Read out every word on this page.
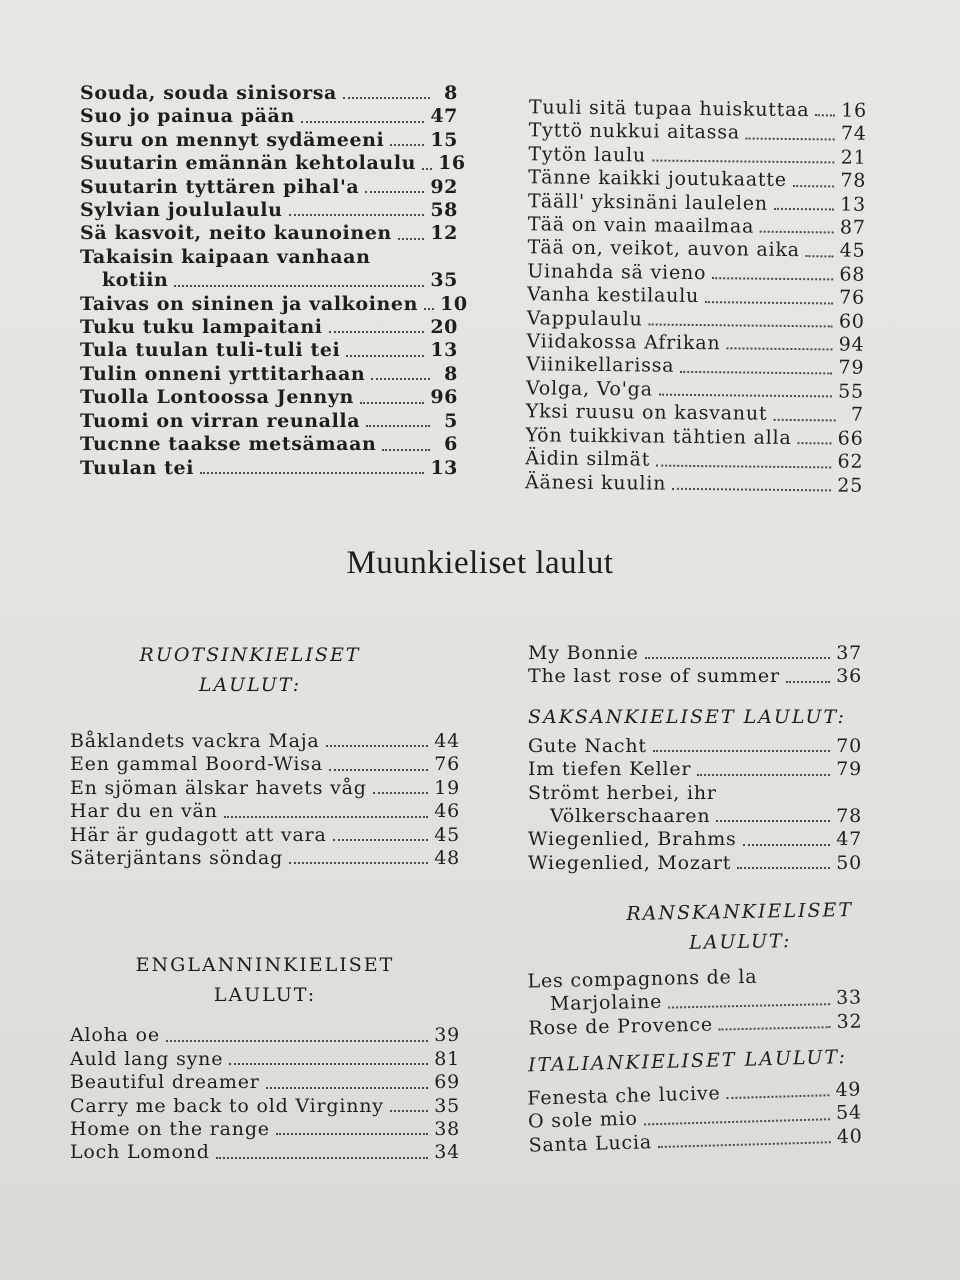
Souda, souda sinisorsa	8
Suo jo painua pään	47
Suru on mennyt sydämeeni 15
Suutarin emännän kehtolaulu 16
Suutarin tyttären pihal'a	92
Sylvian joululaulu	58
Sä kasvoit, neito kaunoinen 12
Takaisin kaipaan vanhaan
kotiin	35
Taivas on sininen ja valkoinen 10
Tuku tuku lampaitani	20
Tula tuulan tuli-tuli tei	13
Tulin onneni yrttitarhaan	8
Tuolla Lontoossa Jennyn	96
Tuomi on virran reunalla	5
Tucnne taakse metsämaan	6
Tuulan tei	13
Tuuli sitä tupaa huiskuttaa 16
Tyttö nukkui aitassa	74
Tytön laulu	21
Tänne kaikki joutukaatte	78
Tääll' yksinäni laulelen	13
Tää on vain maailmaa	87
Tää on, veikot, auvon aika 45
Uinahda sä vieno	68
Vanha kestilaulu	76
Vappulaulu	60
Viidakossa Afrikan	94
Viinikellarissa	79
Volga, Vo'ga	55
Yksi ruusu on kasvanut	7
Yön tuikkivan tähtien alla 66
Äidin silmät	62
Äänesi kuulin	25
Muunkieliset laulut
RUOTSINKIELISET
LAULUT:
Båklandets vackra Maja	44
Een gammal Boord-Wisa	76
En sjöman älskar havets våg	19
Har du en vän	46
Här är gudagott att vara	45
Säterjäntans söndag	48
ENGLANNINKIELISET
LAULUT:
Aloha oe	39
Auld lang syne	81
Beautiful dreamer	69
Carry me back to old Virginny	35
Home on the range	38
Loch Lomond	34
My Bonnie	37
The last rose of summer	36
SAKSANKIELISET LAULUT:
Gute Nacht	70
Im tiefen Keller	79
Strömt herbei, ihr
Völkerschaaren	78
Wiegenlied, Brahms	47
Wiegenlied, Mozart	50
RANSKANKIELISET
LAULUT:
Les compagnons de la
Marjolaine	33
Rose de Provence	32
ITALIANKIELISET LAULUT:
Fenesta che lucive	49
O sole mio	54
Santa Lucia	40
